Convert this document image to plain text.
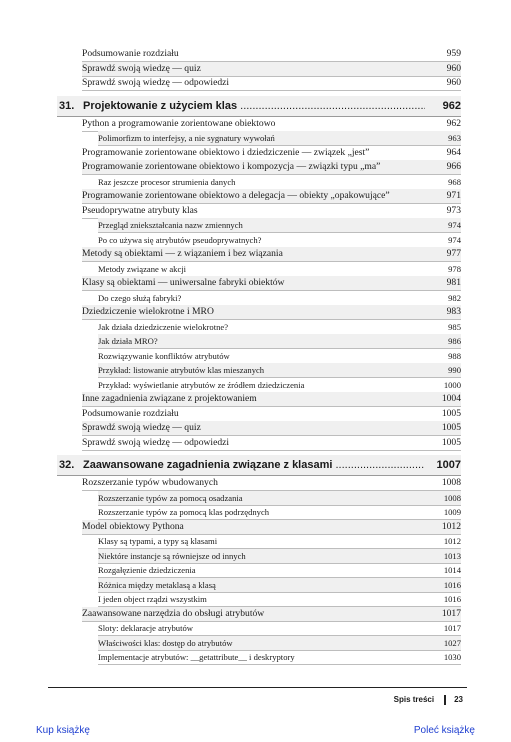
Podsumowanie rozdziału	959
Sprawdź swoją wiedzę — quiz	960
Sprawdź swoją wiedzę — odpowiedzi	960
31. Projektowanie z użyciem klas .....	962
Python a programowanie zorientowane obiektowo	962
Polimorfizm to interfejsy, a nie sygnatury wywołań	963
Programowanie zorientowane obiektowo i dziedziczenie — związek „jest”	964
Programowanie zorientowane obiektowo i kompozycja — związki typu „ma”	966
Raz jeszcze procesor strumienia danych	968
Programowanie zorientowane obiektowo a delegacja — obiekty „opakowujące”	971
Pseudoprywatne atrybuty klas	973
Przegląd zniekształcania nazw zmiennych	974
Po co używa się atrybutów pseudoprywatnych?	974
Metody są obiektami — z wiązaniem i bez wiązania	977
Metody związane w akcji	978
Klasy są obiektami — uniwersalne fabryki obiektów	981
Do czego służą fabryki?	982
Dziedziczenie wielokrotne i MRO	983
Jak działa dziedziczenie wielokrotne?	985
Jak działa MRO?	986
Rozwiązywanie konfliktów atrybutów	988
Przykład: listowanie atrybutów klas mieszanych	990
Przykład: wyświetlanie atrybutów ze źródłem dziedziczenia	1000
Inne zagadnienia związane z projektowaniem	1004
Podsumowanie rozdziału	1005
Sprawdź swoją wiedzę — quiz	1005
Sprawdź swoją wiedzę — odpowiedzi	1005
32. Zaawansowane zagadnienia związane z klasami .....	1007
Rozszerzanie typów wbudowanych	1008
Rozszerzanie typów za pomocą osadzania	1008
Rozszerzanie typów za pomocą klas podrzędnych	1009
Model obiektowy Pythona	1012
Klasy są typami, a typy są klasami	1012
Niektóre instancje są równiejsze od innych	1013
Rozgałęzienie dziedziczenia	1014
Różnica między metaklasą a klasą	1016
I jeden object rządzi wszystkim	1016
Zaawansowane narzędzia do obsługi atrybutów	1017
Sloty: deklaracje atrybutów	1017
Właściwości klas: dostęp do atrybutów	1027
Implementacje atrybutów: __getattribute__ i deskryptory	1030
Spis treści	23
Kup książkę	Poleć książkę
